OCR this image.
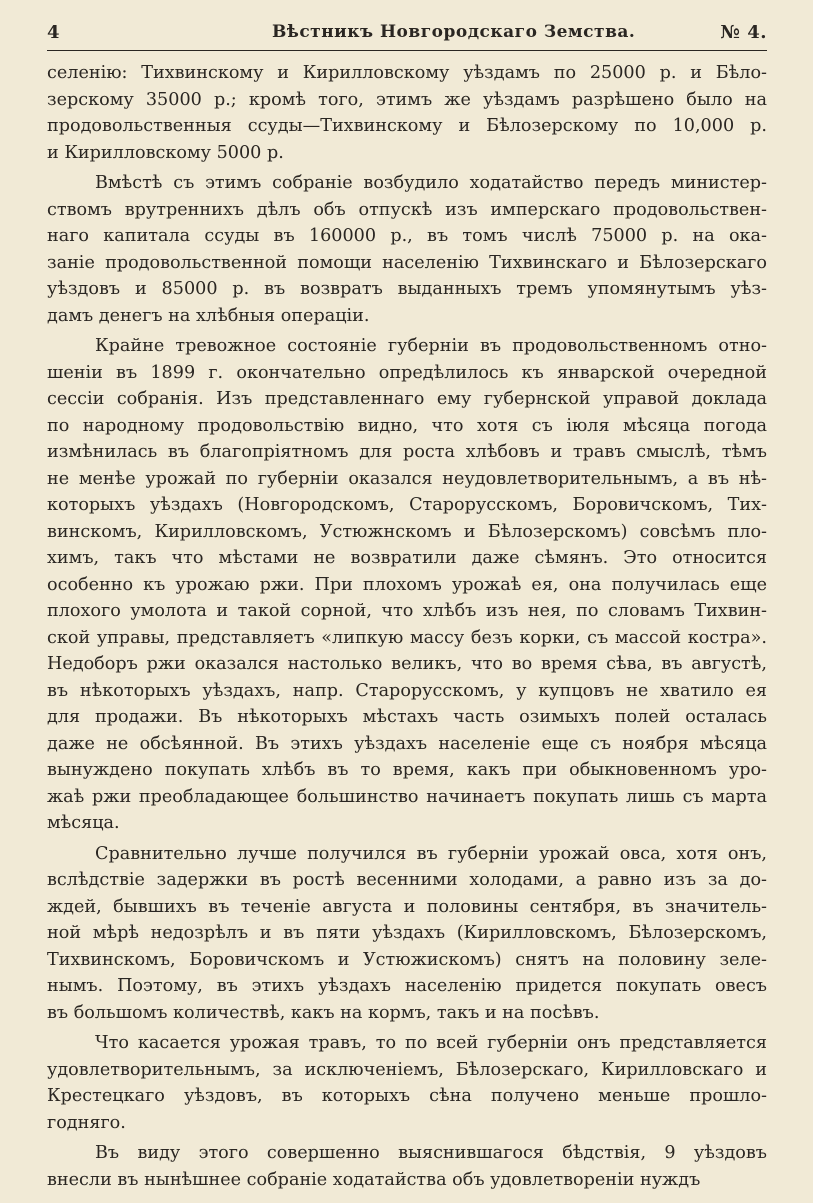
4	Вѣстникъ Новгородскаго Земства.	№ 4.

селенію: Тихвинскому и Кирилловскому уѣздамъ по 25000 р. и Бѣло-
зерскому 35000 р.; кромѣ того, этимъ же уѣздамъ разрѣшено было на
продовольственныя ссуды—Тихвинскому и Бѣлозерскому по 10,000 р.
и Кирилловскому 5000 р.

Вмѣстѣ съ этимъ собраніе возбудило ходатайство передъ министер-
ствомъ врутреннихъ дѣлъ объ отпускѣ изъ имперскаго продовольствен-
наго капитала ссуды въ 160000 р., въ томъ числѣ 75000 р. на ока-
заніе продовольственной помощи населенію Тихвинскаго и Бѣлозерскаго
уѣздовъ и 85000 р. въ возвратъ выданныхъ тремъ упомянутымъ уѣз-
дамъ денегъ на хлѣбныя операціи.

Крайне тревожное состояніе губерніи въ продовольственномъ отно-
шеніи въ 1899 г. окончательно опредѣлилось къ январской очередной
сессіи собранія. Изъ представленнаго ему губернской управой доклада
по народному продовольствію видно, что хотя съ іюля мѣсяца погода
измѣнилась въ благопріятномъ для роста хлѣбовъ и травъ смыслѣ, тѣмъ
не менѣе урожай по губерніи оказался неудовлетворительнымъ, а въ нѣ-
которыхъ уѣздахъ (Новгородскомъ, Старорусскомъ, Боровичскомъ, Тих-
винскомъ, Кирилловскомъ, Устюжнскомъ и Бѣлозерскомъ) совсѣмъ пло-
химъ, такъ что мѣстами не возвратили даже сѣмянъ. Это относится
особенно къ урожаю ржи. При плохомъ урожаѣ ея, она получилась еще
плохого умолота и такой сорной, что хлѣбъ изъ нея, по словамъ Тихвин-
ской управы, представляетъ «липкую массу безъ корки, съ массой костра».
Недоборъ ржи оказался настолько великъ, что во время сѣва, въ августѣ,
въ нѣкоторыхъ уѣздахъ, напр. Старорусскомъ, у купцовъ не хватило ея
для продажи. Въ нѣкоторыхъ мѣстахъ часть озимыхъ полей осталась
даже не обсѣянной. Въ этихъ уѣздахъ населеніе еще съ ноября мѣсяца
вынуждено покупать хлѣбъ въ то время, какъ при обыкновенномъ уро-
жаѣ ржи преобладающее большинство начинаетъ покупать лишь съ марта
мѣсяца.

Сравнительно лучше получился въ губерніи урожай овса, хотя онъ,
вслѣдствіе задержки въ ростѣ весенними холодами, а равно изъ за до-
ждей, бывшихъ въ теченіе августа и половины сентября, въ значитель-
ной мѣрѣ недозрѣлъ и въ пяти уѣздахъ (Кирилловскомъ, Бѣлозерскомъ,
Тихвинскомъ, Боровичскомъ и Устюжискомъ) снятъ на половину зеле-
нымъ. Поэтому, въ этихъ уѣздахъ населенію придется покупать овесъ
въ большомъ количествѣ, какъ на кормъ, такъ и на посѣвъ.

Что касается урожая травъ, то по всей губерніи онъ представляется
удовлетворительнымъ, за исключеніемъ, Бѣлозерскаго, Кирилловскаго и
Крестецкаго уѣздовъ, въ которыхъ сѣна получено меньше прошло-
годняго.

Въ виду этого совершенно выяснившагося бѣдствія, 9 уѣздовъ
внесли въ нынѣшнее собраніе ходатайства объ удовлетвореніи нуждъ
